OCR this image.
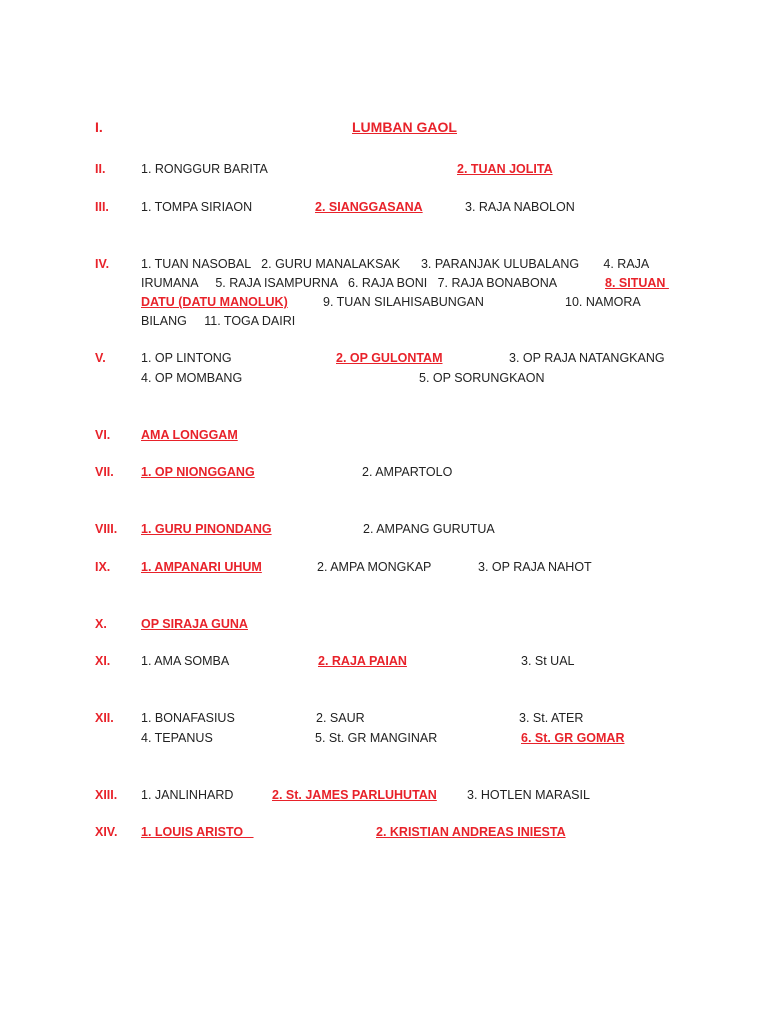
I.	LUMBAN GAOL
II.	1. RONGGUR BARITA	2. TUAN JOLITA
III.	1. TOMPA SIRIAON	2. SIANGGASANA	3. RAJA NABOLON
IV.	1. TUAN NASOBAL   2. GURU MANALAKSAK      3. PARANJAK ULUBALANG       4. RAJA
IRUMANA     5. RAJA ISAMPURNA   6. RAJA BONI   7. RAJA BONABONA	8. SITUAN
DATU (DATU MANOLUK)	9. TUAN SILAHISABUNGAN	10. NAMORA
BILANG     11. TOGA DAIRI
V.	1. OP LINTONG	2. OP GULONTAM	3. OP RAJA NATANGKANG
4. OP MOMBANG	5. OP SORUNGKAON
VI. AMA LONGGAM
VII. 1. OP NIONGGANG	2. AMPARTOLO
VIII. 1. GURU PINONDANG	2. AMPANG GURUTUA
IX. 1. AMPANARI UHUM	2. AMPA MONGKAP	3. OP RAJA NAHOT
X.	OP SIRAJA GUNA
XI. 1. AMA SOMBA	2. RAJA PAIAN	3. St UAL
XII. 1. BONAFASIUS	2. SAUR	3. St. ATER
4. TEPANUS	5. St. GR MANGINAR	6. St. GR GOMAR
XIII. 1. JANLINHARD	2. St. JAMES PARLUHUTAN 3. HOTLEN MARASIL
XIV. 1. LOUIS ARISTO	2. KRISTIAN ANDREAS INIESTA
